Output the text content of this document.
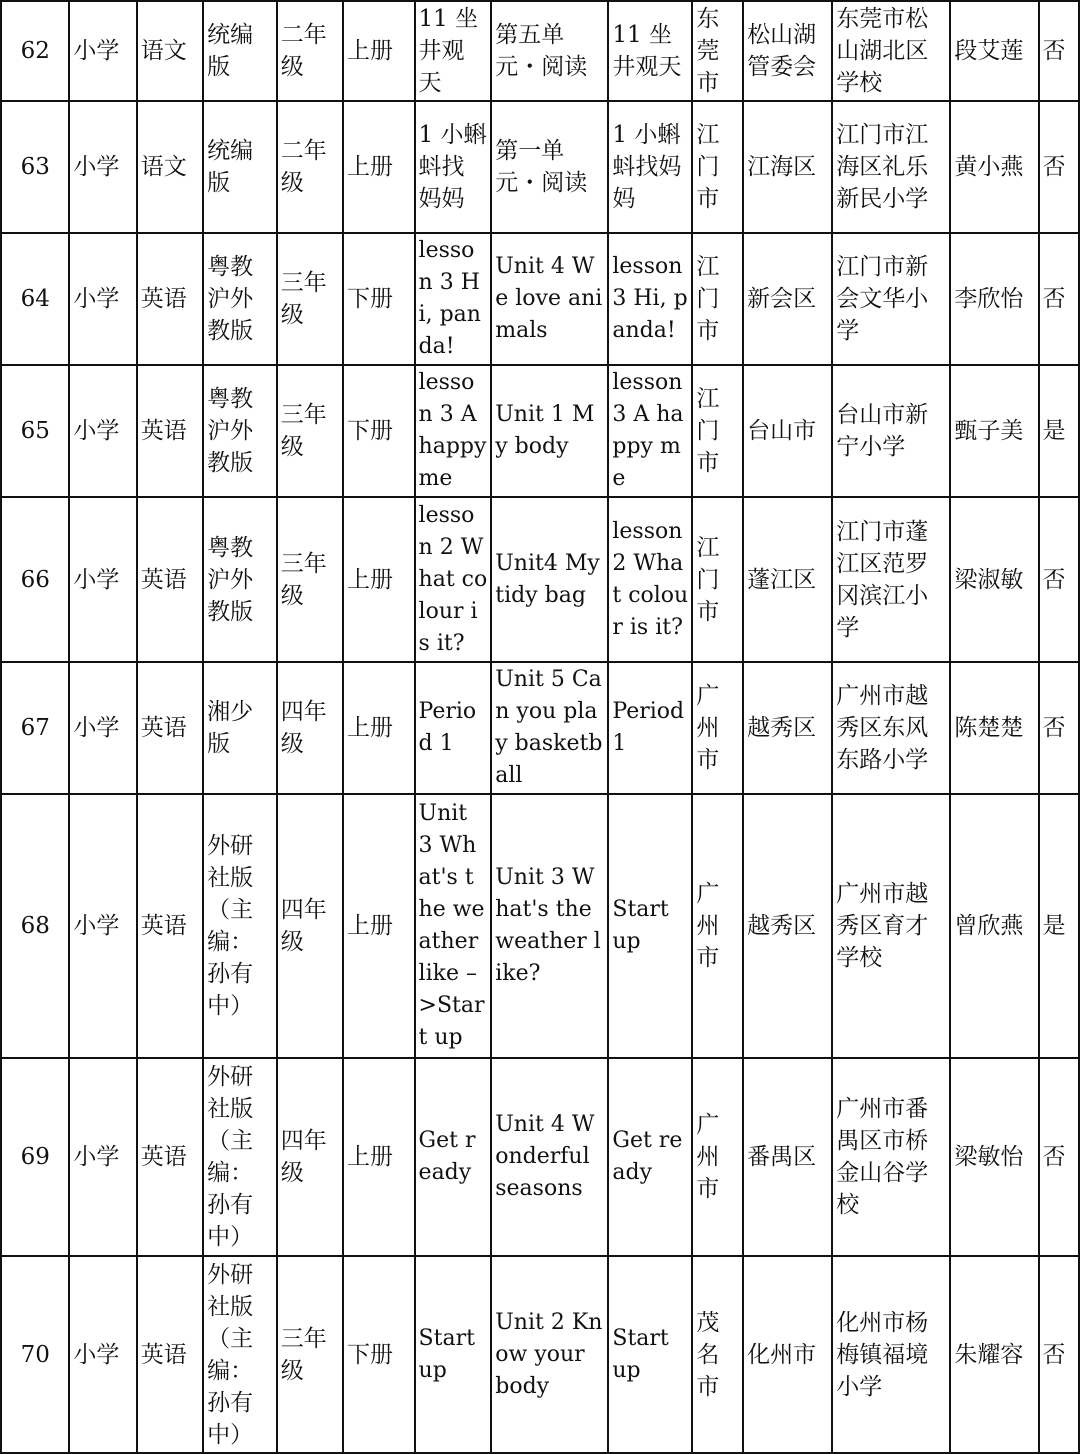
62	小学	语文	统编版	二年级	上册	11 坐井观天	第五单元・阅读	11 坐井观天	东莞市	松山湖管委会	东莞市松山湖北区学校	段艾莲	否
63	小学	语文	统编版	二年级	上册	1 小蝌蚪找妈妈	第一单元・阅读	1 小蝌蚪找妈妈	江门市	江海区	江门市江海区礼乐新民小学	黄小燕	否
64	小学	英语	粤教沪外教版	三年级	下册	lesson 3 Hi, panda!	Unit 4 We love animals	lesson 3 Hi, panda!	江门市	新会区	江门市新会文华小学	李欣怡	否
65	小学	英语	粤教沪外教版	三年级	下册	lesson 3 A happy me	Unit 1 My body	lesson 3 A happy me	江门市	台山市	台山市新宁小学	甄子美	是
66	小学	英语	粤教沪外教版	三年级	上册	lesson 2 What colour is it?	Unit4 My tidy bag	lesson 2 What colour is it?	江门市	蓬江区	江门市蓬江区范罗冈滨江小学	梁淑敏	否
67	小学	英语	湘少版	四年级	上册	Period 1	Unit 5 Can you play basketball	Period 1	广州市	越秀区	广州市越秀区东风东路小学	陈楚楚	否
68	小学	英语	外研社版（主编：孙有中）	四年级	上册	Unit 3 What's the weather like –>Start up	Unit 3 What's the weather like?	Start up	广州市	越秀区	广州市越秀区育才学校	曾欣燕	是
69	小学	英语	外研社版（主编：孙有中）	四年级	上册	Get ready	Unit 4 Wonderful seasons	Get ready	广州市	番禺区	广州市番禺区市桥金山谷学校	梁敏怡	否
70	小学	英语	外研社版（主编：孙有中）	三年级	下册	Start up	Unit 2 Know your body	Start up	茂名市	化州市	化州市杨梅镇福境小学	朱耀容	否
